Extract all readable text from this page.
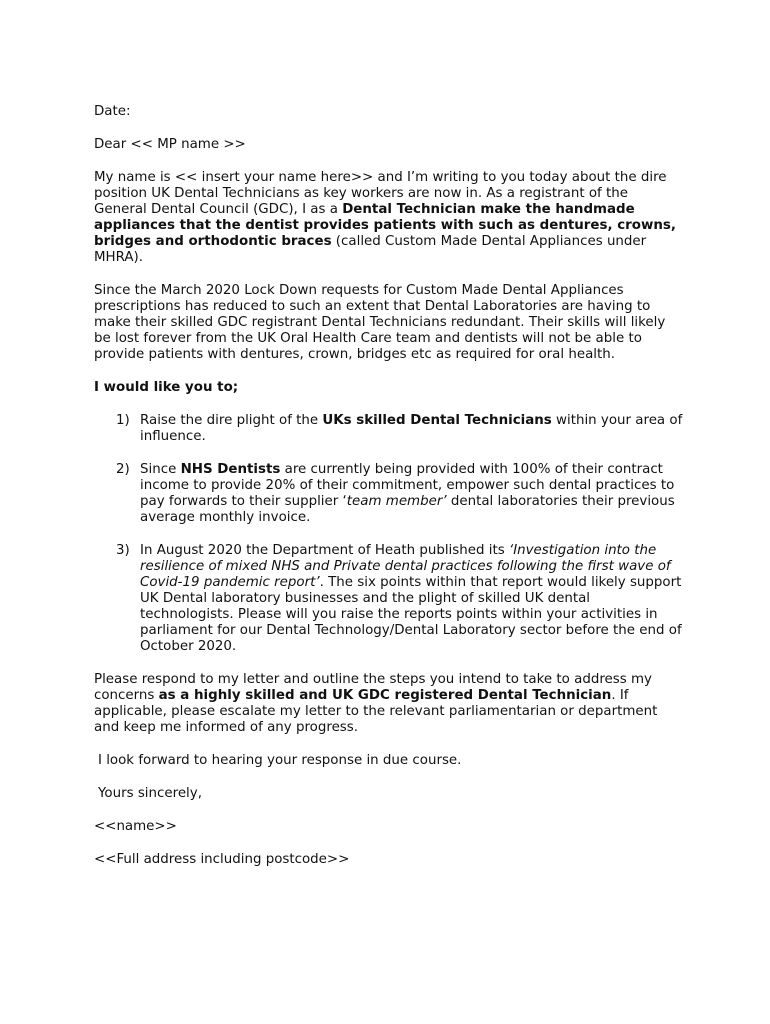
Date:

Dear << MP name >>

My name is << insert your name here>> and I’m writing to you today about the dire position UK Dental Technicians as key workers are now in. As a registrant of the General Dental Council (GDC), I as a Dental Technician make the handmade appliances that the dentist provides patients with such as dentures, crowns, bridges and orthodontic braces (called Custom Made Dental Appliances under MHRA).

Since the March 2020 Lock Down requests for Custom Made Dental Appliances prescriptions has reduced to such an extent that Dental Laboratories are having to make their skilled GDC registrant Dental Technicians redundant. Their skills will likely be lost forever from the UK Oral Health Care team and dentists will not be able to provide patients with dentures, crown, bridges etc as required for oral health.

I would like you to;

1) Raise the dire plight of the UKs skilled Dental Technicians within your area of influence.
2) Since NHS Dentists are currently being provided with 100% of their contract income to provide 20% of their commitment, empower such dental practices to pay forwards to their supplier ‘team member’ dental laboratories their previous average monthly invoice.
3) In August 2020 the Department of Heath published its ‘Investigation into the resilience of mixed NHS and Private dental practices following the first wave of Covid-19 pandemic report’. The six points within that report would likely support UK Dental laboratory businesses and the plight of skilled UK dental technologists. Please will you raise the reports points within your activities in parliament for our Dental Technology/Dental Laboratory sector before the end of October 2020.

Please respond to my letter and outline the steps you intend to take to address my concerns as a highly skilled and UK GDC registered Dental Technician. If applicable, please escalate my letter to the relevant parliamentarian or department and keep me informed of any progress.

I look forward to hearing your response in due course.

Yours sincerely,

<<name>>

<<Full address including postcode>>
